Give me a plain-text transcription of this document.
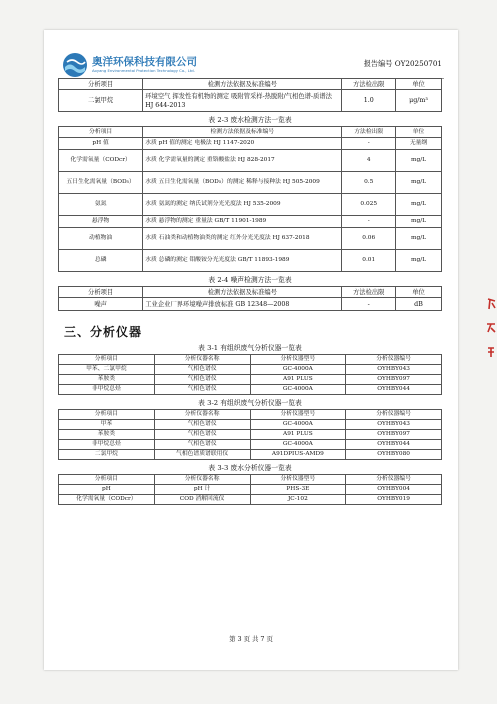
奥洋环保科技有限公司
Aoyang Environmental Protection Technology Co., Ltd.
报告编号 OY20250701
分析项目	检测方法依据及标准编号	方法检出限	单位
二氯甲烷	环境空气 挥发性有机物的测定 吸附管采样-热脱附/气相色谱-质谱法 HJ 644-2013	1.0	μg/m³
表 2-3 废水检测方法一览表
分析项目	检测方法依据及标准编号	方法检出限	单位
pH 值	水质 pH 值的测定 电极法 HJ 1147-2020	-	无量纲
化学需氧量（CODcr）	水质 化学需氧量的测定 重铬酸盐法 HJ 828-2017	4	mg/L
五日生化需氧量（BOD₅）	水质 五日生化需氧量（BOD₅）的测定 稀释与接种法 HJ 505-2009	0.5	mg/L
氨氮	水质 氨氮的测定 纳氏试剂分光光度法 HJ 535-2009	0.025	mg/L
悬浮物	水质 悬浮物的测定 重量法 GB/T 11901-1989	-	mg/L
动植物油	水质 石油类和动植物油类的测定 红外分光光度法 HJ 637-2018	0.06	mg/L
总磷	水质 总磷的测定 钼酸铵分光光度法 GB/T 11893-1989	0.01	mg/L
表 2-4 噪声检测方法一览表
分析项目	检测方法依据及标准编号	方法检出限	单位
噪声	工业企业厂界环境噪声排放标准 GB 12348—2008	-	dB
三、分析仪器
表 3-1 有组织废气分析仪器一览表
分析项目	分析仪器名称	分析仪器型号	分析仪器编号
甲苯、二氯甲烷	气相色谱仪	GC-4000A	OYHBY043
苯胺类	气相色谱仪	A91 PLUS	OYHBY097
非甲烷总烃	气相色谱仪	GC-4000A	OYHBY044
表 3-2 有组织废气分析仪器一览表
分析项目	分析仪器名称	分析仪器型号	分析仪器编号
甲苯	气相色谱仪	GC-4000A	OYHBY043
苯胺类	气相色谱仪	A91 PLUS	OYHBY097
非甲烷总烃	气相色谱仪	GC-4000A	OYHBY044
二氯甲烷	气相色谱质谱联用仪	A91DPIUS-AMD9	OYHBY080
表 3-3 废水分析仪器一览表
分析项目	分析仪器名称	分析仪器型号	分析仪器编号
pH	pH 计	PHS-3E	OYHBY004
化学需氧量（CODcr）	COD 消解回流仪	JC-102	OYHBY019
第 3 页 共 7 页
